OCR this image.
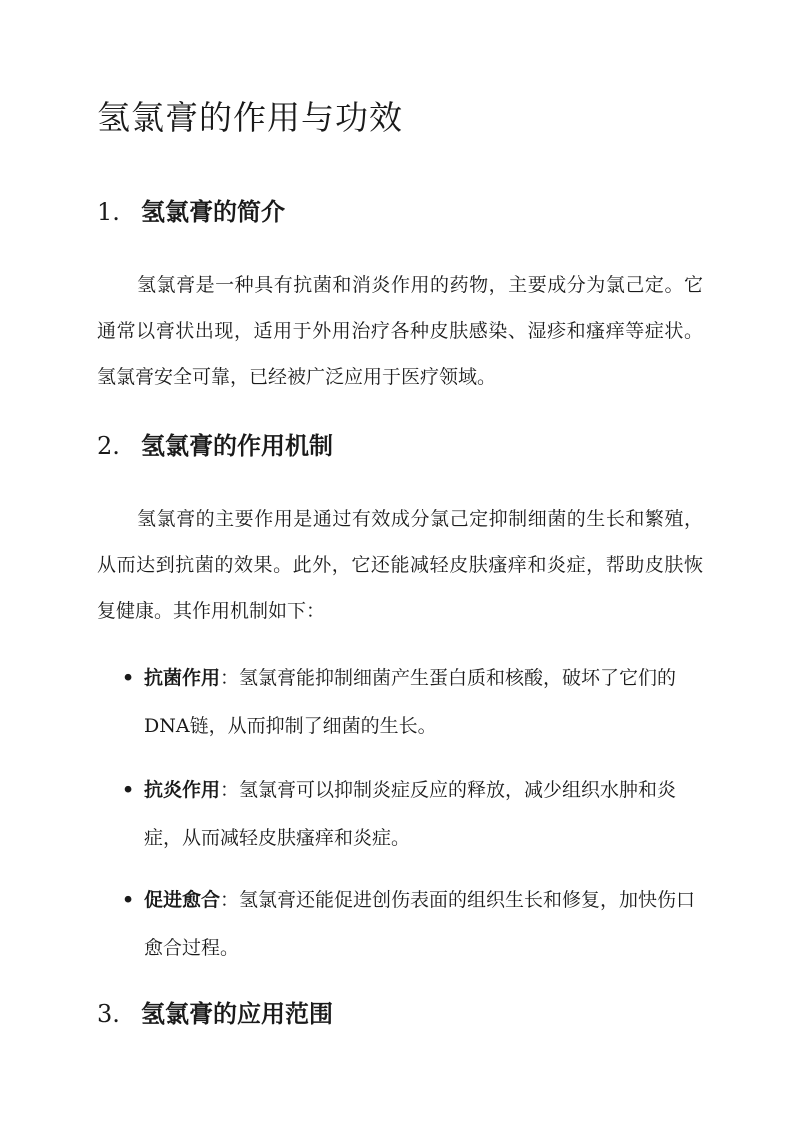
氢氯膏的作用与功效
1. 氢氯膏的简介

氢氯膏是一种具有抗菌和消炎作用的药物，主要成分为氯己定。它通常以膏状出现，适用于外用治疗各种皮肤感染、湿疹和瘙痒等症状。氢氯膏安全可靠，已经被广泛应用于医疗领域。

2. 氢氯膏的作用机制

氢氯膏的主要作用是通过有效成分氯己定抑制细菌的生长和繁殖，从而达到抗菌的效果。此外，它还能减轻皮肤瘙痒和炎症，帮助皮肤恢复健康。其作用机制如下：

• 抗菌作用：氢氯膏能抑制细菌产生蛋白质和核酸，破坏了它们的DNA链，从而抑制了细菌的生长。

• 抗炎作用：氢氯膏可以抑制炎症反应的释放，减少组织水肿和炎症，从而减轻皮肤瘙痒和炎症。

• 促进愈合：氢氯膏还能促进创伤表面的组织生长和修复，加快伤口愈合过程。

3. 氢氯膏的应用范围
